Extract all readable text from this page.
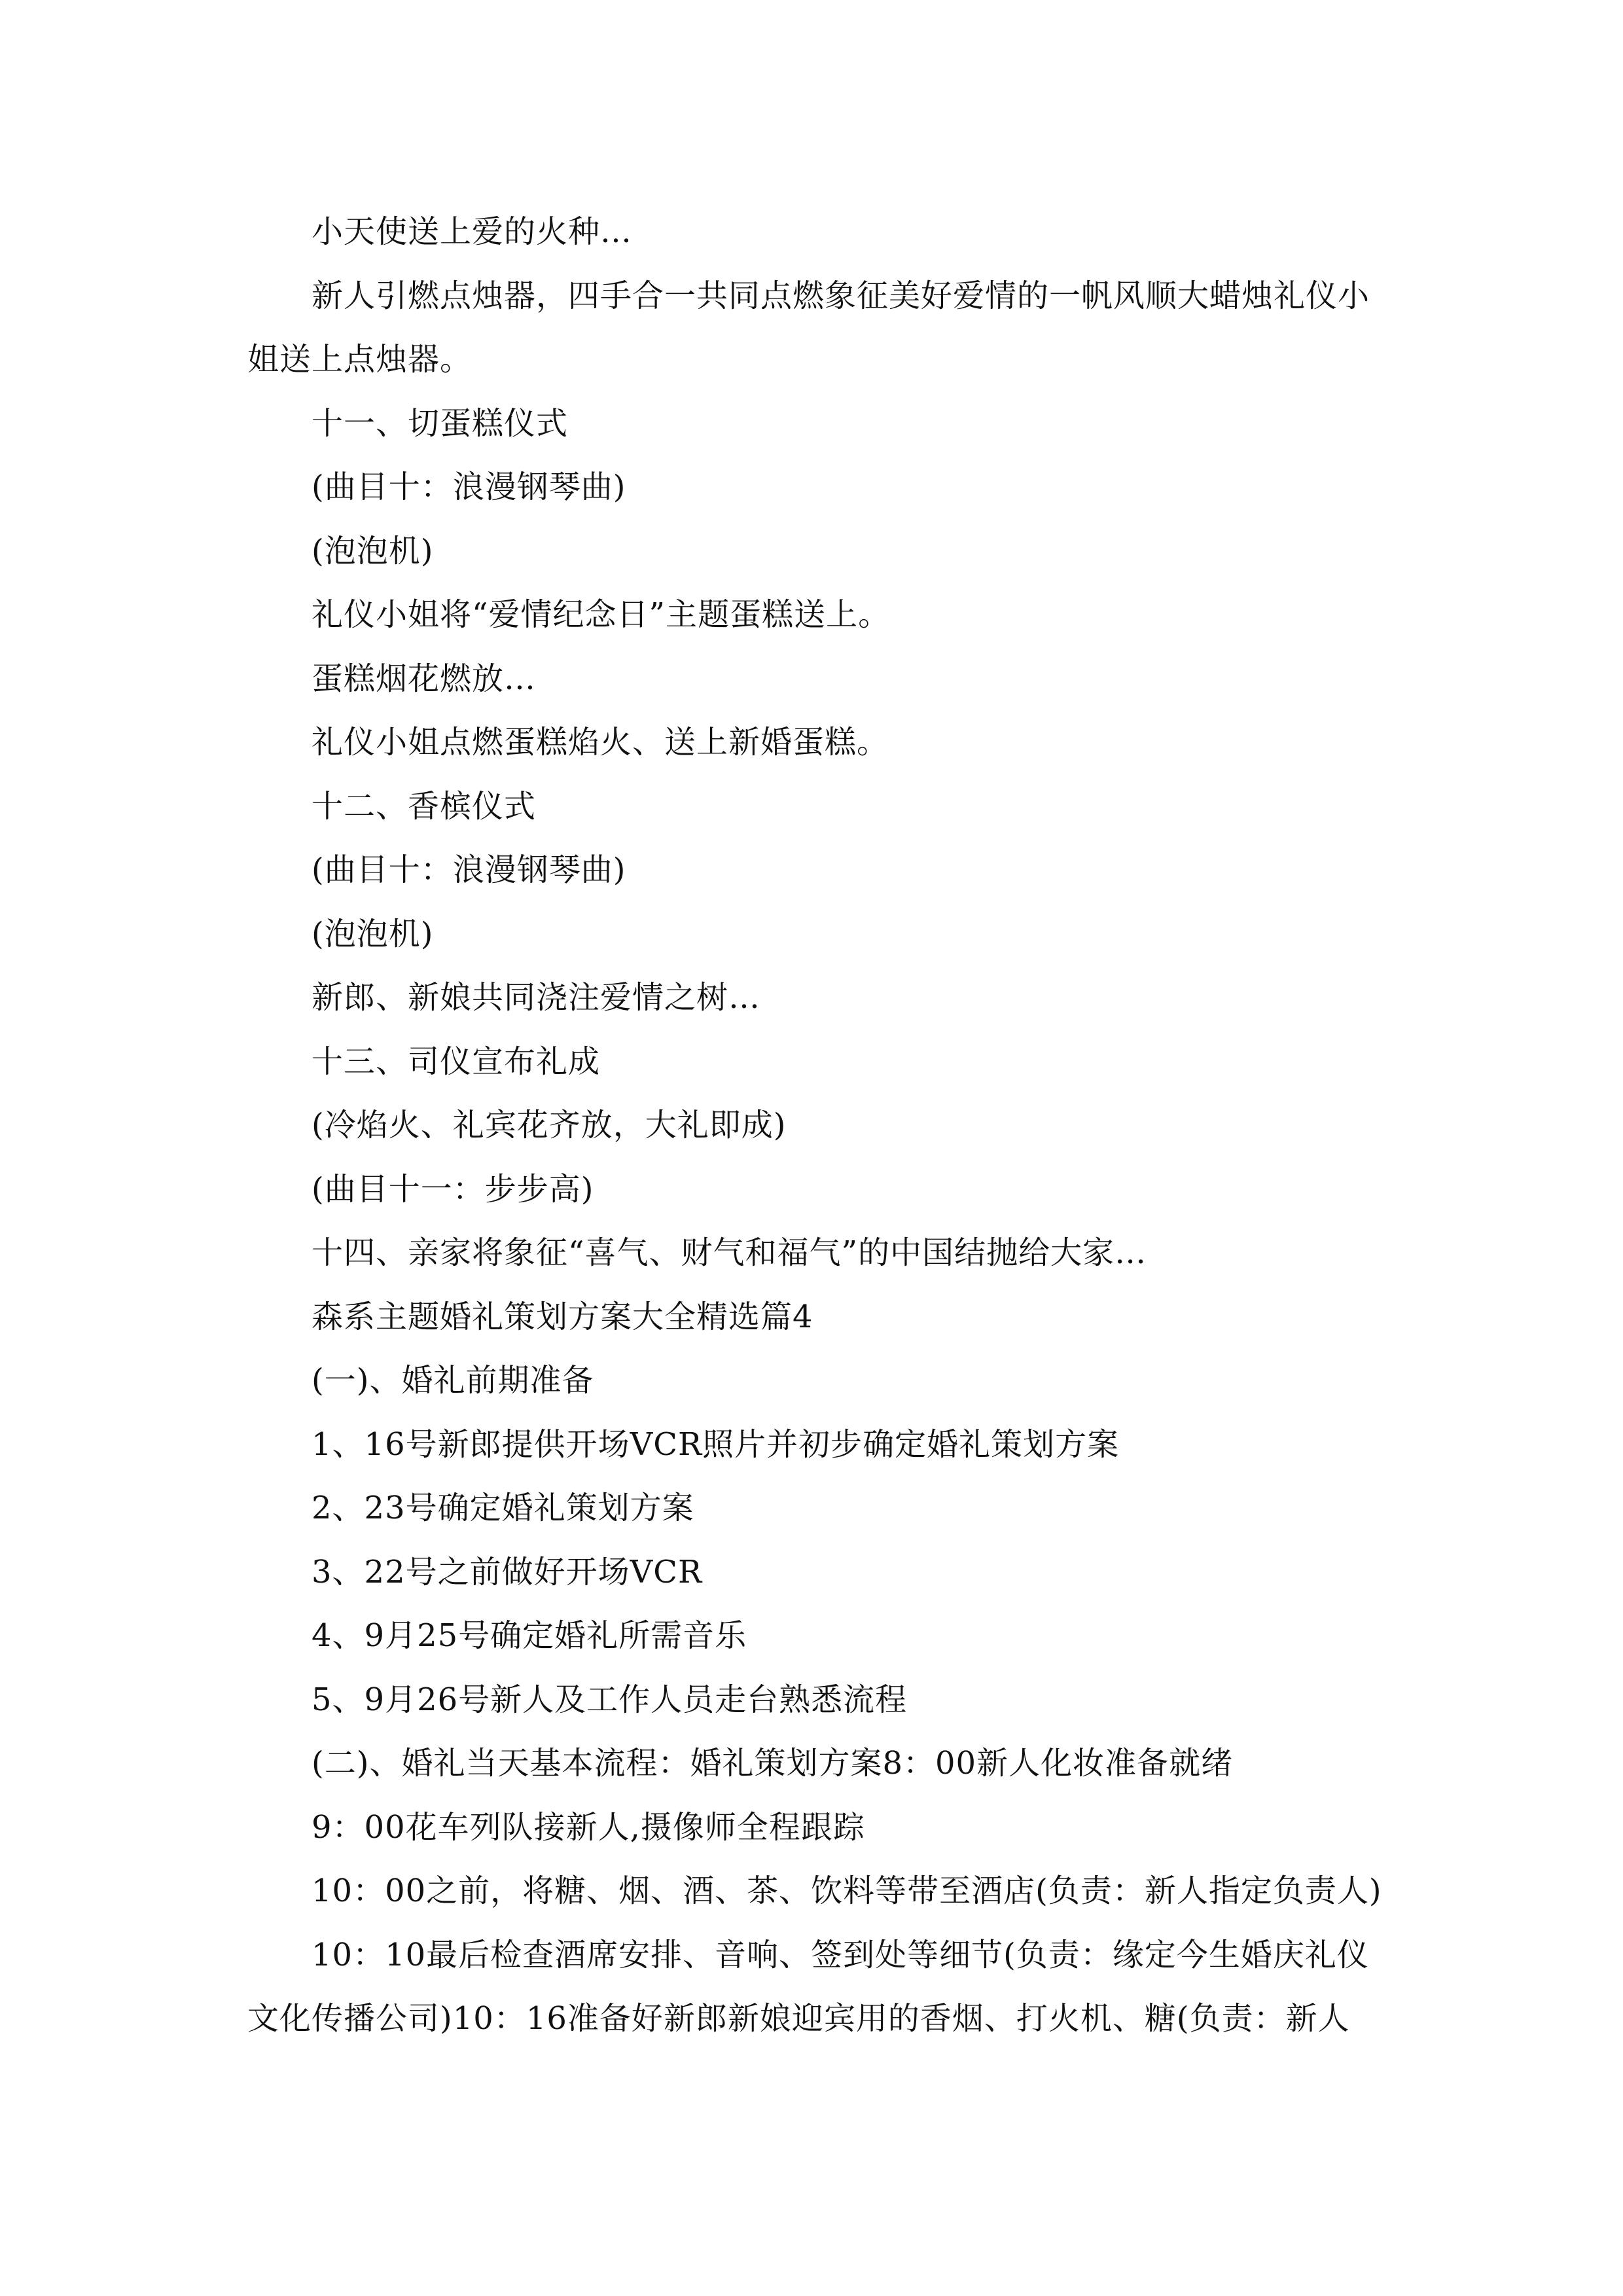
小天使送上爱的火种…
新人引燃点烛器，四手合一共同点燃象征美好爱情的一帆风顺大蜡烛礼仪小
姐送上点烛器。
十一、切蛋糕仪式
(曲目十：浪漫钢琴曲)
(泡泡机)
礼仪小姐将“爱情纪念日”主题蛋糕送上。
蛋糕烟花燃放…
礼仪小姐点燃蛋糕焰火、送上新婚蛋糕。
十二、香槟仪式
(曲目十：浪漫钢琴曲)
(泡泡机)
新郎、新娘共同浇注爱情之树…
十三、司仪宣布礼成
(冷焰火、礼宾花齐放，大礼即成)
(曲目十一：步步高)
十四、亲家将象征“喜气、财气和福气”的中国结抛给大家…
森系主题婚礼策划方案大全精选篇4
(一)、婚礼前期准备
1、16号新郎提供开场VCR照片并初步确定婚礼策划方案
2、23号确定婚礼策划方案
3、22号之前做好开场VCR
4、9月25号确定婚礼所需音乐
5、9月26号新人及工作人员走台熟悉流程
(二)、婚礼当天基本流程：婚礼策划方案8：00新人化妆准备就绪
9：00花车列队接新人,摄像师全程跟踪
10：00之前，将糖、烟、酒、茶、饮料等带至酒店(负责：新人指定负责人)
10：10最后检查酒席安排、音响、签到处等细节(负责：缘定今生婚庆礼仪
文化传播公司)10：16准备好新郎新娘迎宾用的香烟、打火机、糖(负责：新人
